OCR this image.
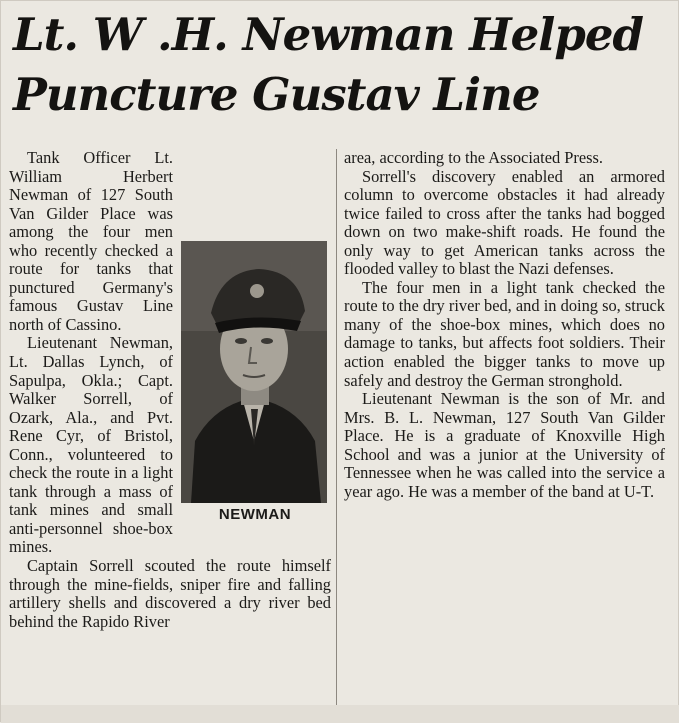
Lt. W .H. Newman Helped
Puncture Gustav Line
NEWMAN

Tank Officer Lt. William Herbert Newman of 127 South Van Gilder Place was among the four men who recently checked a route for tanks that punctured Germany's famous Gustav Line north of Cassino.

Lieutenant Newman, Lt. Dallas Lynch, of Sapulpa, Okla.; Capt. Walker Sorrell, of Ozark, Ala., and Pvt. Rene Cyr, of Bristol, Conn., volunteered to check the route in a light tank through a mass of tank mines and small anti-personnel shoe-box mines.

Captain Sorrell scouted the route himself through the mine-fields, sniper fire and falling artillery shells and discovered a dry river bed behind the Rapido River

area, according to the Associated Press.

Sorrell's discovery enabled an armored column to overcome obstacles it had already twice failed to cross after the tanks had bogged down on two make-shift roads. He found the only way to get American tanks across the flooded valley to blast the Nazi defenses.

The four men in a light tank checked the route to the dry river bed, and in doing so, struck many of the shoe-box mines, which does no damage to tanks, but affects foot soldiers. Their action enabled the bigger tanks to move up safely and destroy the German stronghold.

Lieutenant Newman is the son of Mr. and Mrs. B. L. Newman, 127 South Van Gilder Place. He is a graduate of Knoxville High School and was a junior at the University of Tennessee when he was called into the service a year ago. He was a member of the band at U-T.
